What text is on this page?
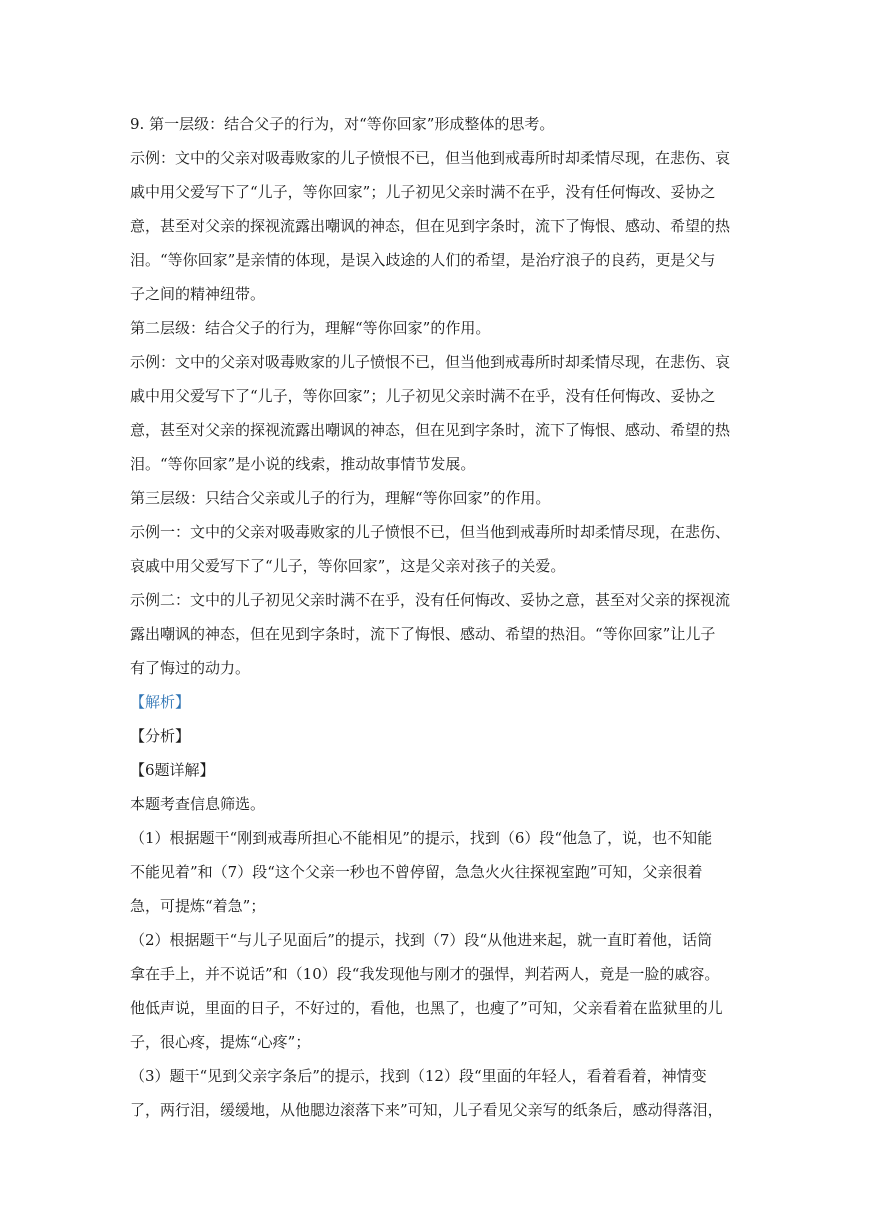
9. 第一层级：结合父子的行为，对“等你回家”形成整体的思考。
示例：文中的父亲对吸毒败家的儿子愤恨不已，但当他到戒毒所时却柔情尽现，在悲伤、哀
戚中用父爱写下了“儿子，等你回家”；儿子初见父亲时满不在乎，没有任何悔改、妥协之
意，甚至对父亲的探视流露出嘲讽的神态，但在见到字条时，流下了悔恨、感动、希望的热
泪。“等你回家”是亲情的体现，是误入歧途的人们的希望，是治疗浪子的良药，更是父与
子之间的精神纽带。
第二层级：结合父子的行为，理解“等你回家”的作用。
示例：文中的父亲对吸毒败家的儿子愤恨不已，但当他到戒毒所时却柔情尽现，在悲伤、哀
戚中用父爱写下了“儿子，等你回家”；儿子初见父亲时满不在乎，没有任何悔改、妥协之
意，甚至对父亲的探视流露出嘲讽的神态，但在见到字条时，流下了悔恨、感动、希望的热
泪。“等你回家”是小说的线索，推动故事情节发展。
第三层级：只结合父亲或儿子的行为，理解“等你回家”的作用。
示例一：文中的父亲对吸毒败家的儿子愤恨不已，但当他到戒毒所时却柔情尽现，在悲伤、
哀戚中用父爱写下了“儿子，等你回家”，这是父亲对孩子的关爱。
示例二：文中的儿子初见父亲时满不在乎，没有任何悔改、妥协之意，甚至对父亲的探视流
露出嘲讽的神态，但在见到字条时，流下了悔恨、感动、希望的热泪。“等你回家”让儿子
有了悔过的动力。
【解析】
【分析】
【6题详解】
本题考查信息筛选。
（1）根据题干“刚到戒毒所担心不能相见”的提示，找到（6）段“他急了，说，也不知能
不能见着”和（7）段“这个父亲一秒也不曾停留，急急火火往探视室跑”可知，父亲很着
急，可提炼“着急”；
（2）根据题干“与儿子见面后”的提示，找到（7）段“从他进来起，就一直盯着他，话筒
拿在手上，并不说话”和（10）段“我发现他与刚才的强悍，判若两人，竟是一脸的戚容。
他低声说，里面的日子，不好过的，看他，也黑了，也瘦了”可知，父亲看着在监狱里的儿
子，很心疼，提炼“心疼”；
（3）题干“见到父亲字条后”的提示，找到（12）段“里面的年轻人，看着看着，神情变
了，两行泪，缓缓地，从他腮边滚落下来”可知，儿子看见父亲写的纸条后，感动得落泪，
